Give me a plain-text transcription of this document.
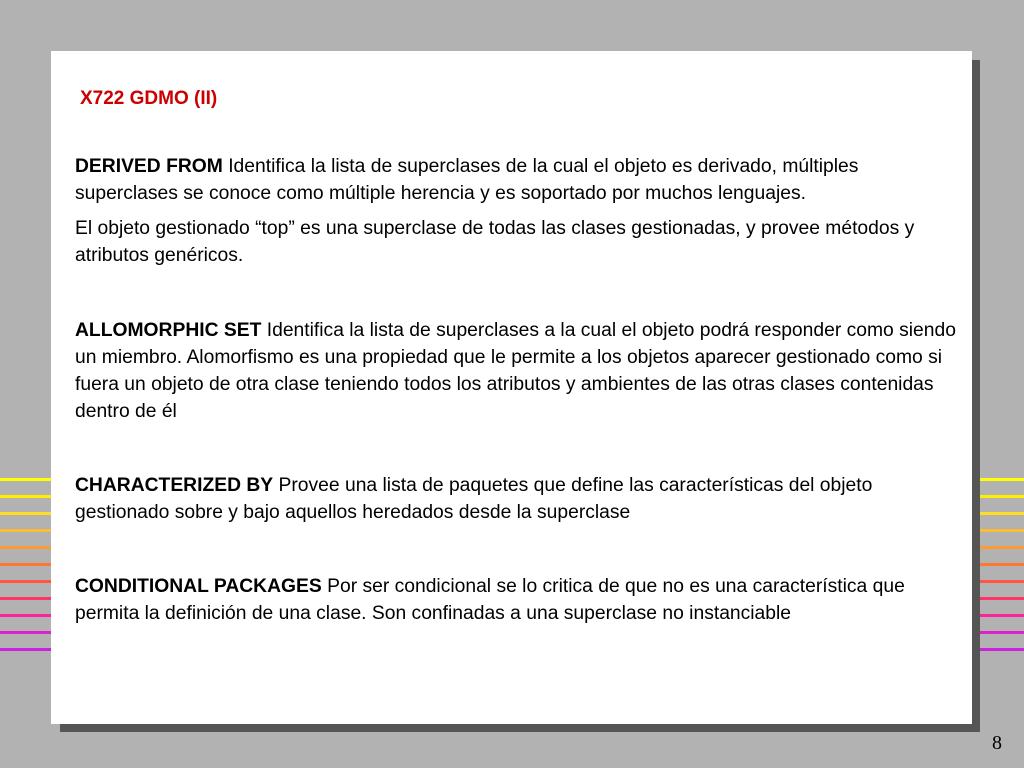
X722 GDMO (II)

DERIVED FROM Identifica la lista de superclases de la cual el objeto es derivado, múltiples superclases se conoce como múltiple herencia y es soportado por muchos lenguajes.

El objeto gestionado “top” es una superclase de todas las clases gestionadas, y provee métodos y atributos genéricos.

ALLOMORPHIC SET Identifica la lista de superclases a la cual el objeto podrá responder como siendo un miembro. Alomorfismo es una propiedad que le permite a los objetos aparecer gestionado como si fuera un objeto de otra clase teniendo todos los atributos y ambientes de las otras clases contenidas dentro de él

CHARACTERIZED BY Provee una lista de paquetes que define las características del objeto gestionado sobre y bajo aquellos heredados desde la superclase

CONDITIONAL PACKAGES Por ser condicional se lo critica de que no es una característica que permita la definición de una clase. Son confinadas a una superclase no instanciable

8
